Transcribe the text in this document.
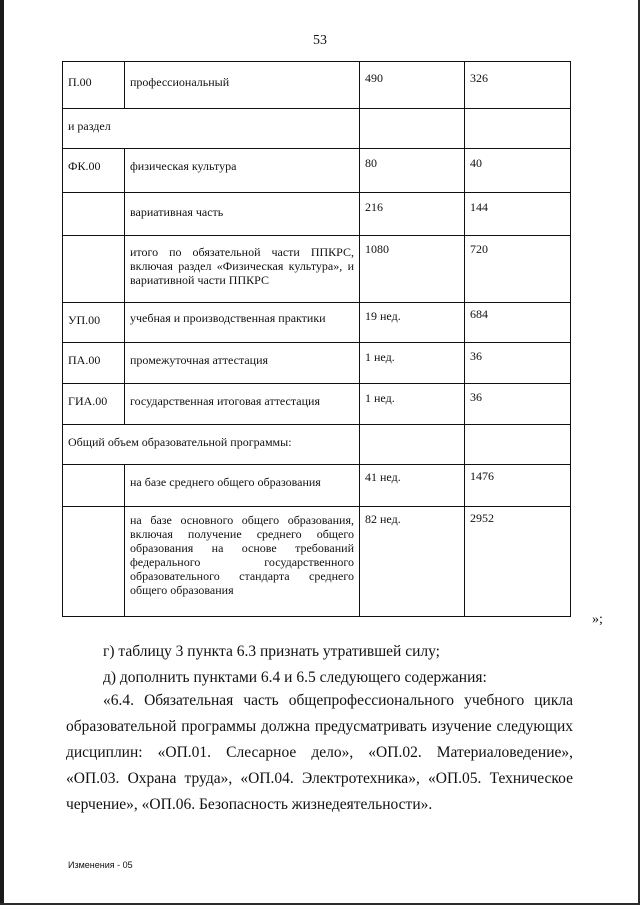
53
П.00	профессиональный	490	326
и раздел			
ФК.00	физическая культура	80	40
	вариативная часть	216	144
	итого по обязательной части ППКРС, включая раздел «Физическая культура», и вариативной части ППКРС	1080	720
УП.00	учебная и производственная практики	19 нед.	684
ПА.00	промежуточная аттестация	1 нед.	36
ГИА.00	государственная итоговая аттестация	1 нед.	36
Общий объем образовательной программы:			
	на базе среднего общего образования	41 нед.	1476
	на базе основного общего образования, включая получение среднего общего образования на основе требований федерального государственного образовательного стандарта среднего общего образования	82 нед.	2952
»;
г) таблицу 3 пункта 6.3 признать утратившей силу;
д) дополнить пунктами 6.4 и 6.5 следующего содержания:
«6.4. Обязательная часть общепрофессионального учебного цикла образовательной программы должна предусматривать изучение следующих дисциплин: «ОП.01. Слесарное дело», «ОП.02. Материаловедение», «ОП.03. Охрана труда», «ОП.04. Электротехника», «ОП.05. Техническое черчение», «ОП.06. Безопасность жизнедеятельности».
Изменения - 05
